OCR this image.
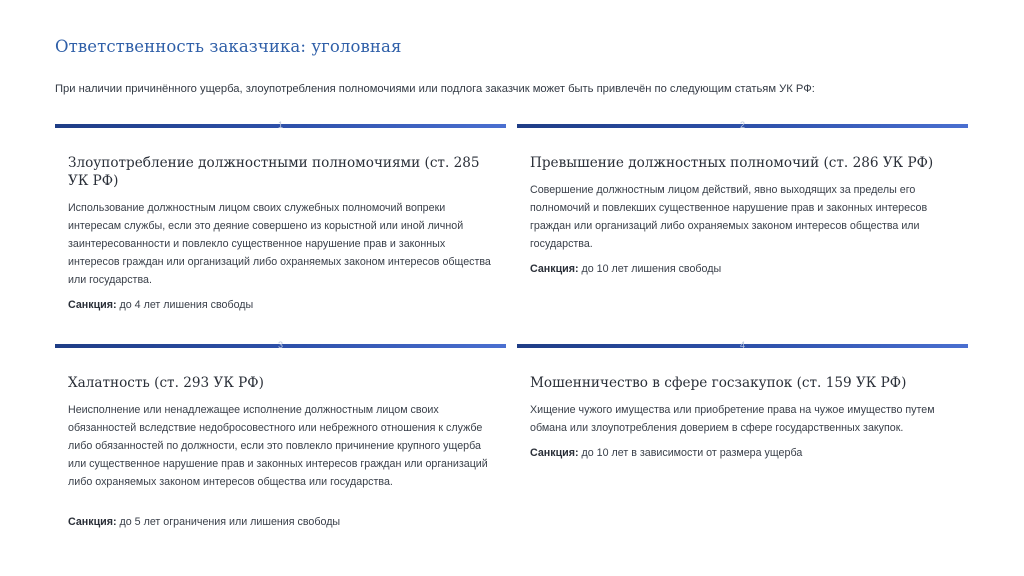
Ответственность заказчика: уголовная
При наличии причинённого ущерба, злоупотребления полномочиями или подлога заказчик может быть привлечён по следующим статьям УК РФ:
1
Злоупотребление должностными полномочиями (ст. 285 УК РФ)
Использование должностным лицом своих служебных полномочий вопреки интересам службы, если это деяние совершено из корыстной или иной личной заинтересованности и повлекло существенное нарушение прав и законных интересов граждан или организаций либо охраняемых законом интересов общества или государства.
Санкция: до 4 лет лишения свободы
2
Превышение должностных полномочий (ст. 286 УК РФ)
Совершение должностным лицом действий, явно выходящих за пределы его полномочий и повлекших существенное нарушение прав и законных интересов граждан или организаций либо охраняемых законом интересов общества или государства.
Санкция: до 10 лет лишения свободы
3
Халатность (ст. 293 УК РФ)
Неисполнение или ненадлежащее исполнение должностным лицом своих обязанностей вследствие недобросовестного или небрежного отношения к службе либо обязанностей по должности, если это повлекло причинение крупного ущерба или существенное нарушение прав и законных интересов граждан или организаций либо охраняемых законом интересов общества или государства.
Санкция: до 5 лет ограничения или лишения свободы
4
Мошенничество в сфере госзакупок (ст. 159 УК РФ)
Хищение чужого имущества или приобретение права на чужое имущество путем обмана или злоупотребления доверием в сфере государственных закупок.
Санкция: до 10 лет в зависимости от размера ущерба
